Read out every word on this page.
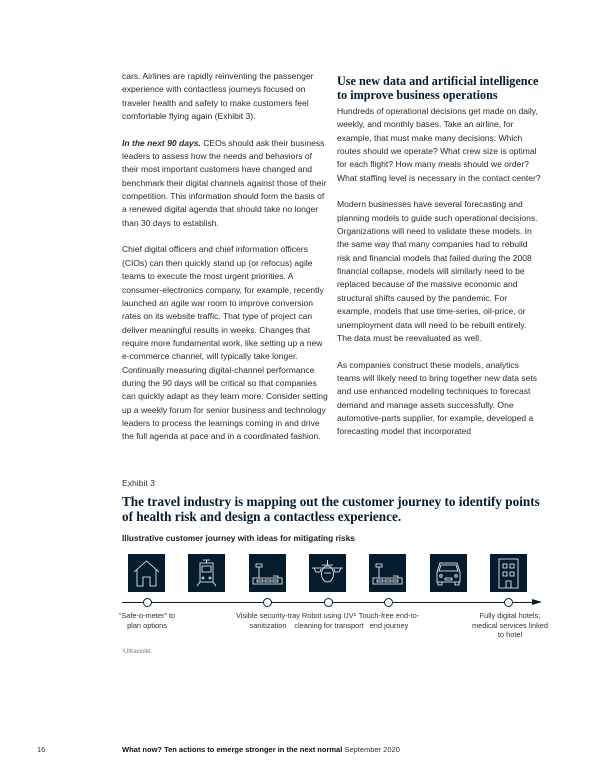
cars. Airlines are rapidly reinventing the passenger experience with contactless journeys focused on traveler health and safety to make customers feel comfortable flying again (Exhibit 3).

In the next 90 days. CEOs should ask their business leaders to assess how the needs and behaviors of their most important customers have changed and benchmark their digital channels against those of their competition. This information should form the basis of a renewed digital agenda that should take no longer than 30 days to establish.

Chief digital officers and chief information officers (CIOs) can then quickly stand up (or refocus) agile teams to execute the most urgent priorities. A consumer-electronics company, for example, recently launched an agile war room to improve conversion rates on its website traffic. That type of project can deliver meaningful results in weeks. Changes that require more fundamental work, like setting up a new e-commerce channel, will typically take longer. Continually measuring digital-channel performance during the 90 days will be critical so that companies can quickly adapt as they learn more. Consider setting up a weekly forum for senior business and technology leaders to process the learnings coming in and drive the full agenda at pace and in a coordinated fashion.

Use new data and artificial intelligence to improve business operations

Hundreds of operational decisions get made on daily, weekly, and monthly bases. Take an airline, for example, that must make many decisions: Which routes should we operate? What crew size is optimal for each flight? How many meals should we order? What staffing level is necessary in the contact center?

Modern businesses have several forecasting and planning models to guide such operational decisions. Organizations will need to validate these models. In the same way that many companies had to rebuild risk and financial models that failed during the 2008 financial collapse, models will similarly need to be replaced because of the massive economic and structural shifts caused by the pandemic. For example, models that use time-series, oil-price, or unemployment data will need to be rebuilt entirely. The data must be reevaluated as well.

As companies construct these models, analytics teams will likely need to bring together new data sets and use enhanced modeling techniques to forecast demand and manage assets successfully. One automotive-parts supplier, for example, developed a forecasting model that incorporated

Exhibit 3
The travel industry is mapping out the customer journey to identify points of health risk and design a contactless experience.
Illustrative customer journey with ideas for mitigating risks
“Safe-o-meter” to plan options
Visible security-tray sanitization
Robot using UV¹ cleaning for transport
Touch-free end-to-end journey
Fully digital hotels; medical services linked to hotel
¹Ultraviolet.
16	What now? Ten actions to emerge stronger in the next normal September 2020
